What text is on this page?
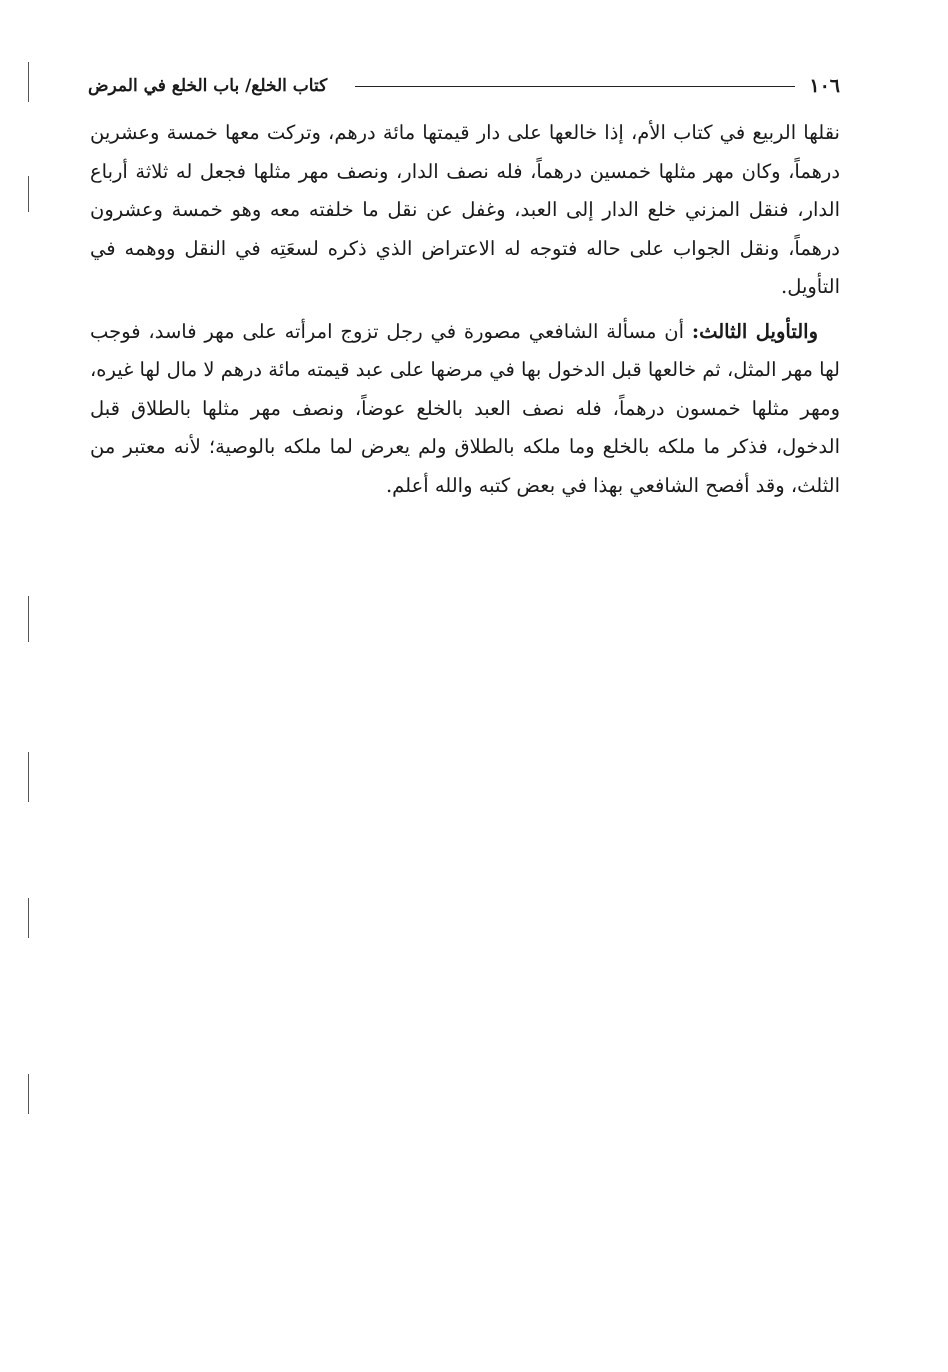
١٠٦
كتاب الخلع/ باب الخلع في المرض

نقلها الربيع في كتاب الأم، إذا خالعها على دار قيمتها مائة درهم، وتركت معها خمسة وعشرين درهماً، وكان مهر مثلها خمسين درهماً، فله نصف الدار، ونصف مهر مثلها فجعل له ثلاثة أرباع الدار، فنقل المزني خلع الدار إلى العبد، وغفل عن نقل ما خلفته معه وهو خمسة وعشرون درهماً، ونقل الجواب على حاله فتوجه له الاعتراض الذي ذكره لسعَتِه في النقل ووهمه في التأويل.

والتأويل الثالث: أن مسألة الشافعي مصورة في رجل تزوج امرأته على مهر فاسد، فوجب لها مهر المثل، ثم خالعها قبل الدخول بها في مرضها على عبد قيمته مائة درهم لا مال لها غيره، ومهر مثلها خمسون درهماً، فله نصف العبد بالخلع عوضاً، ونصف مهر مثلها بالطلاق قبل الدخول، فذكر ما ملكه بالخلع وما ملكه بالطلاق ولم يعرض لما ملكه بالوصية؛ لأنه معتبر من الثلث، وقد أفصح الشافعي بهذا في بعض كتبه والله أعلم.
